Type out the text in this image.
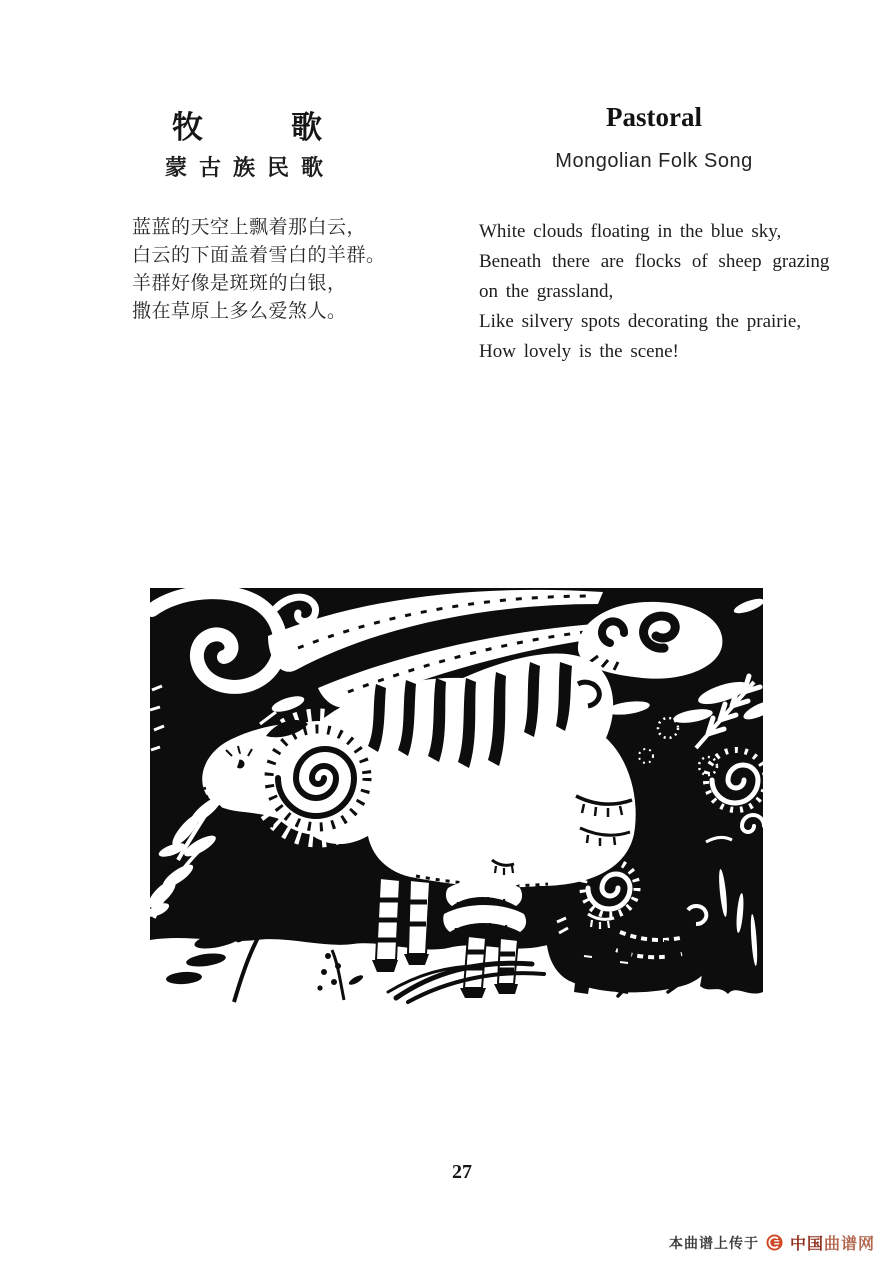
牧歌
蒙古族民歌
Pastoral
Mongolian Folk Song
蓝蓝的天空上飘着那白云，
白云的下面盖着雪白的羊群。
羊群好像是斑斑的白银，
撒在草原上多么爱煞人。
White clouds floating in the blue sky,
Beneath there are flocks of sheep grazing
on the grassland,
Like silvery spots decorating the prairie,
How lovely is the scene!
27
本曲谱上传于 中国曲谱网
